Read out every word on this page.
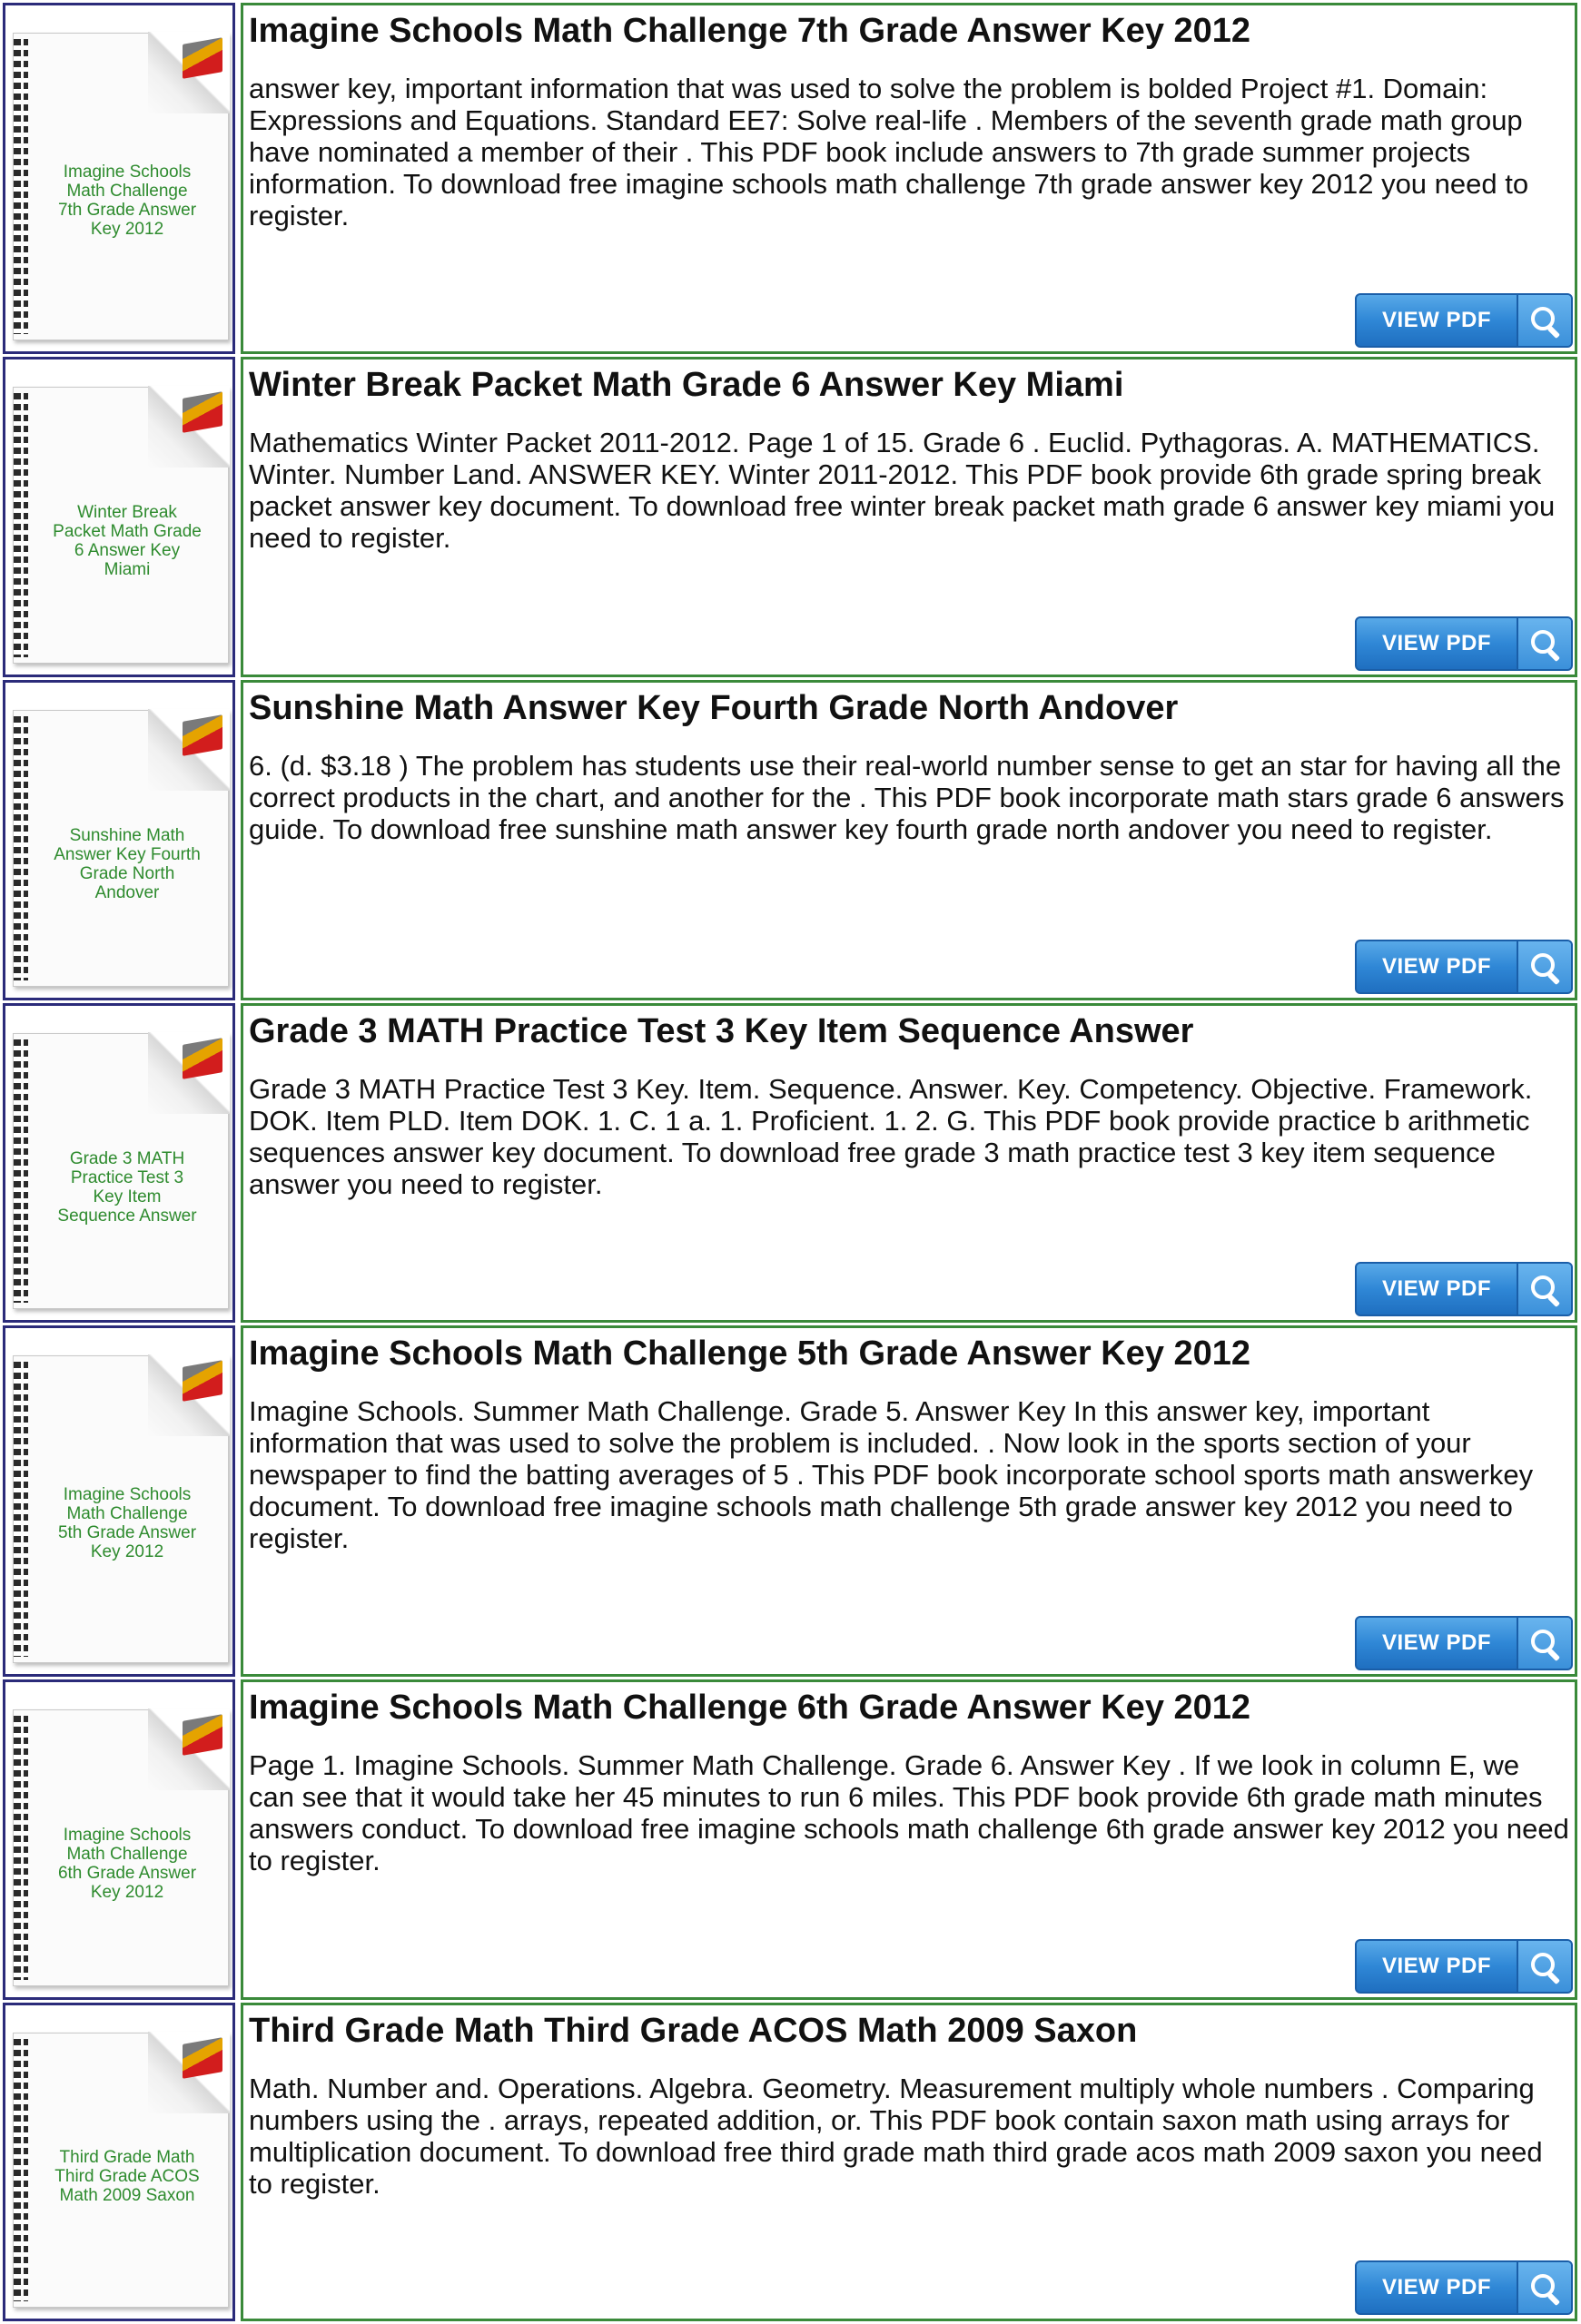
Imagine Schools
Math Challenge
7th Grade Answer
Key 2012
Imagine Schools Math Challenge 7th Grade Answer Key 2012
answer key, important information that was used to solve the problem is bolded Project #1. Domain: Expressions and Equations. Standard EE7: Solve real-life . Members of the seventh grade math group have nominated a member of their . This PDF book include answers to 7th grade summer projects information. To download free imagine schools math challenge 7th grade answer key 2012 you need to register.
VIEW PDF
Winter Break
Packet Math Grade
6 Answer Key
Miami
Winter Break Packet Math Grade 6 Answer Key Miami
Mathematics Winter Packet 2011-2012. Page 1 of 15. Grade 6 . Euclid. Pythagoras. A. MATHEMATICS. Winter. Number Land. ANSWER KEY. Winter 2011-2012. This PDF book provide 6th grade spring break packet answer key document. To download free winter break packet math grade 6 answer key miami you need to register.
VIEW PDF
Sunshine Math
Answer Key Fourth
Grade North
Andover
Sunshine Math Answer Key Fourth Grade North Andover
6. (d. $3.18 ) The problem has students use their real-world number sense to get an star for having all the correct products in the chart, and another for the . This PDF book incorporate math stars grade 6 answers guide. To download free sunshine math answer key fourth grade north andover you need to register.
VIEW PDF
Grade 3 MATH
Practice Test 3
Key Item
Sequence Answer
Grade 3 MATH Practice Test 3 Key Item Sequence Answer
Grade 3 MATH Practice Test 3 Key. Item. Sequence. Answer. Key. Competency. Objective. Framework. DOK. Item PLD. Item DOK. 1. C. 1 a. 1. Proficient. 1. 2. G. This PDF book provide practice b arithmetic sequences answer key document. To download free grade 3 math practice test 3 key item sequence answer you need to register.
VIEW PDF
Imagine Schools
Math Challenge
5th Grade Answer
Key 2012
Imagine Schools Math Challenge 5th Grade Answer Key 2012
Imagine Schools. Summer Math Challenge. Grade 5. Answer Key In this answer key, important information that was used to solve the problem is included. . Now look in the sports section of your newspaper to find the batting averages of 5 . This PDF book incorporate school sports math answerkey document. To download free imagine schools math challenge 5th grade answer key 2012 you need to register.
VIEW PDF
Imagine Schools
Math Challenge
6th Grade Answer
Key 2012
Imagine Schools Math Challenge 6th Grade Answer Key 2012
Page 1. Imagine Schools. Summer Math Challenge. Grade 6. Answer Key . If we look in column E, we can see that it would take her 45 minutes to run 6 miles. This PDF book provide 6th grade math minutes answers conduct. To download free imagine schools math challenge 6th grade answer key 2012 you need to register.
VIEW PDF
Third Grade Math
Third Grade ACOS
Math 2009 Saxon
Third Grade Math Third Grade ACOS Math 2009 Saxon
Math. Number and. Operations. Algebra. Geometry. Measurement multiply whole numbers . Comparing numbers using the . arrays, repeated addition, or. This PDF book contain saxon math using arrays for multiplication document. To download free third grade math third grade acos math 2009 saxon you need to register.
VIEW PDF
